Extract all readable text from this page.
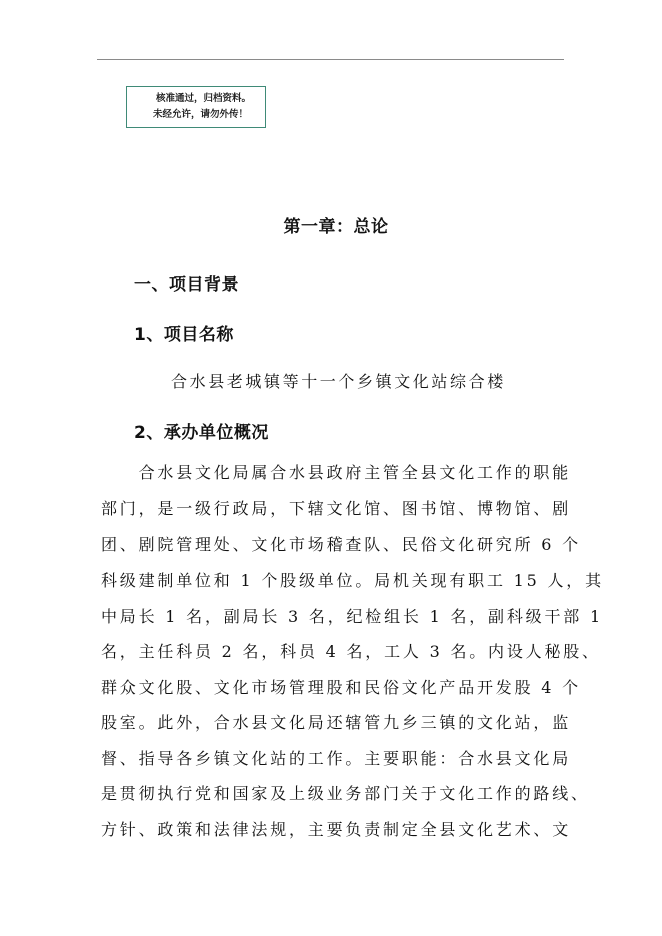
核准通过，归档资料。
未经允许，请勿外传！
第一章：总论
一、项目背景
1、项目名称
合水县老城镇等十一个乡镇文化站综合楼
2、承办单位概况
　　合水县文化局属合水县政府主管全县文化工作的职能
部门，是一级行政局，下辖文化馆、图书馆、博物馆、剧
团、剧院管理处、文化市场稽查队、民俗文化研究所 6 个
科级建制单位和 1 个股级单位。局机关现有职工 15 人，其
中局长 1 名，副局长 3 名，纪检组长 1 名，副科级干部 1
名，主任科员 2 名，科员 4 名，工人 3 名。内设人秘股、
群众文化股、文化市场管理股和民俗文化产品开发股 4 个
股室。此外，合水县文化局还辖管九乡三镇的文化站，监
督、指导各乡镇文化站的工作。主要职能：合水县文化局
是贯彻执行党和国家及上级业务部门关于文化工作的路线、
方针、政策和法律法规，主要负责制定全县文化艺术、文
